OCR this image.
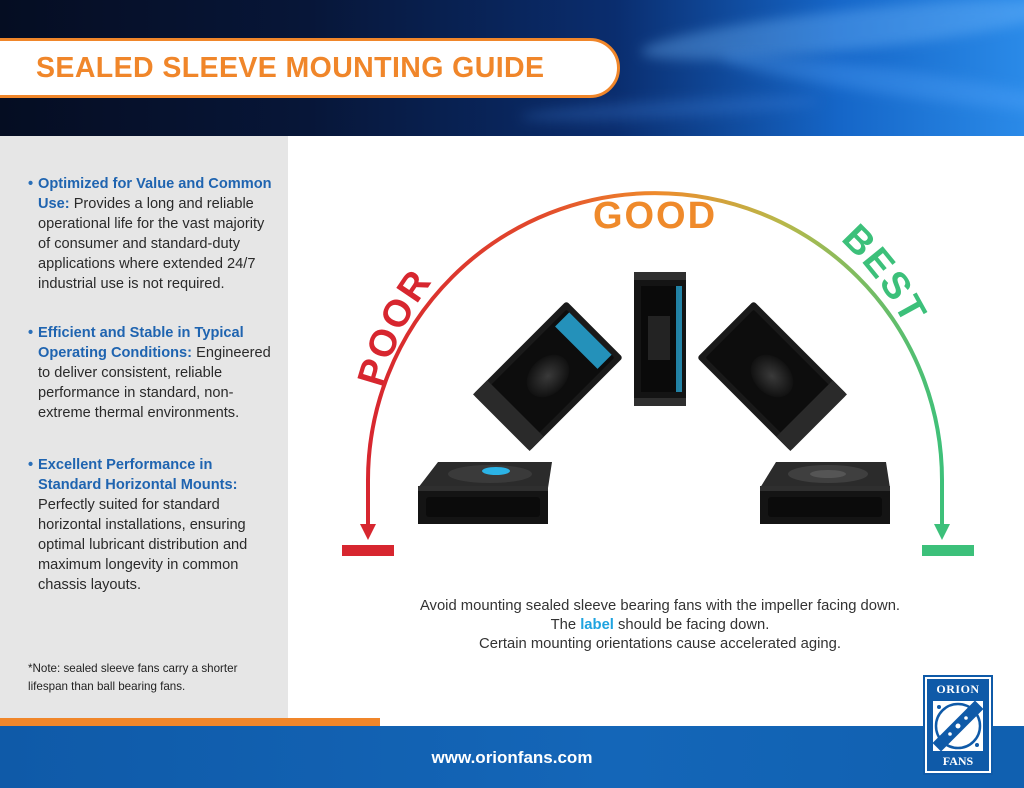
SEALED SLEEVE MOUNTING GUIDE
• Optimized for Value and Common Use: Provides a long and reliable operational life for the vast majority of consumer and standard-duty applications where extended 24/7 industrial use is not required.
• Efficient and Stable in Typical Operating Conditions: Engineered to deliver consistent, reliable performance in standard, non-extreme thermal environments.
• Excellent Performance in Standard Horizontal Mounts: Perfectly suited for standard horizontal installations, ensuring optimal lubricant distribution and maximum longevity in common chassis layouts.
*Note: sealed sleeve fans carry a shorter lifespan than ball bearing fans.
POOR
GOOD
BEST
Avoid mounting sealed sleeve bearing fans with the impeller facing down.
The label should be facing down.
Certain mounting orientations cause accelerated aging.
www.orionfans.com
ORION
FANS
